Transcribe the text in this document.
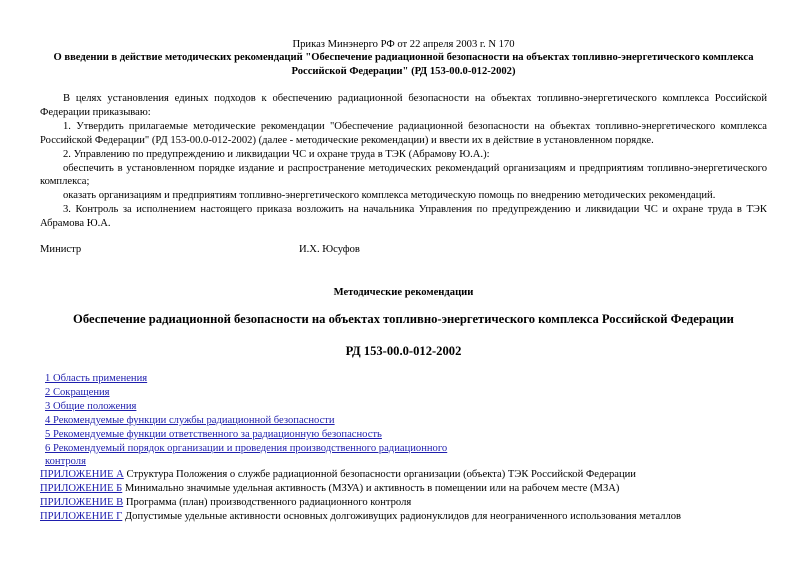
Приказ Минэнерго РФ от 22 апреля 2003 г. N 170
О введении в действие методических рекомендаций "Обеспечение радиационной безопасности на объектах топливно-энергетического комплекса Российской Федерации" (РД 153-00.0-012-2002)

В целях установления единых подходов к обеспечению радиационной безопасности на объектах топливно-энергетического комплекса Российской Федерации приказываю:

1. Утвердить прилагаемые методические рекомендации "Обеспечение радиационной безопасности на объектах топливно-энергетического комплекса Российской Федерации" (РД 153-00.0-012-2002) (далее - методические рекомендации) и ввести их в действие в установленном порядке.

2. Управлению по предупреждению и ликвидации ЧС и охране труда в ТЭК (Абрамову Ю.А.):

обеспечить в установленном порядке издание и распространение методических рекомендаций организациям и предприятиям топливно-энергетического комплекса;

оказать организациям и предприятиям топливно-энергетического комплекса методическую помощь по внедрению методических рекомендаций.

3. Контроль за исполнением настоящего приказа возложить на начальника Управления по предупреждению и ликвидации ЧС и охране труда в ТЭК Абрамова Ю.А.

Министр	И.Х. Юсуфов
Методические рекомендации
Обеспечение радиационной безопасности на объектах топливно-энергетического комплекса Российской Федерации
РД 153-00.0-012-2002
1 Область применения
2 Сокращения
3 Общие положения
4 Рекомендуемые функции службы радиационной безопасности
5 Рекомендуемые функции ответственного за радиационную безопасность
6 Рекомендуемый порядок организации и проведения производственного радиационного контроля
ПРИЛОЖЕНИЕ А Структура Положения о службе радиационной безопасности организации (объекта) ТЭК Российской Федерации
ПРИЛОЖЕНИЕ Б Минимально значимые удельная активность (МЗУА) и активность в помещении или на рабочем месте (МЗА)
ПРИЛОЖЕНИЕ В Программа (план) производственного радиационного контроля
ПРИЛОЖЕНИЕ Г Допустимые удельные активности основных долгоживущих радионуклидов для неограниченного использования металлов
